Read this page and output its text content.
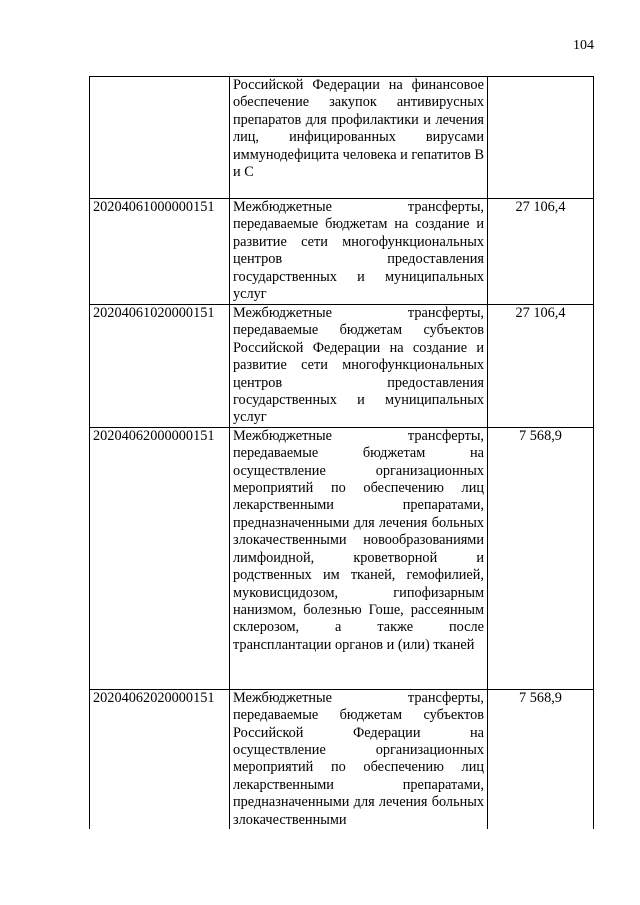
104
	Российской Федерации на финансовое обеспечение закупок антивирусных препаратов для профилактики и лечения лиц, инфицированных вирусами иммунодефицита человека и гепатитов B и C	
20204061000000151	Межбюджетные трансферты, передаваемые бюджетам на создание и развитие сети многофункциональных центров предоставления государственных и муниципальных услуг	27 106,4
20204061020000151	Межбюджетные трансферты, передаваемые бюджетам субъектов Российской Федерации на создание и развитие сети многофункциональных центров предоставления государственных и муниципальных услуг	27 106,4
20204062000000151	Межбюджетные трансферты, передаваемые бюджетам на осуществление организационных мероприятий по обеспечению лиц лекарственными препаратами, предназначенными для лечения больных злокачественными новообразованиями лимфоидной, кроветворной и родственных им тканей, гемофилией, муковисцидозом, гипофизарным нанизмом, болезнью Гоше, рассеянным склерозом, а также после трансплантации органов и (или) тканей	7 568,9
20204062020000151	Межбюджетные трансферты, передаваемые бюджетам субъектов Российской Федерации на осуществление организационных мероприятий по обеспечению лиц лекарственными препаратами, предназначенными для лечения больных злокачественными	7 568,9
